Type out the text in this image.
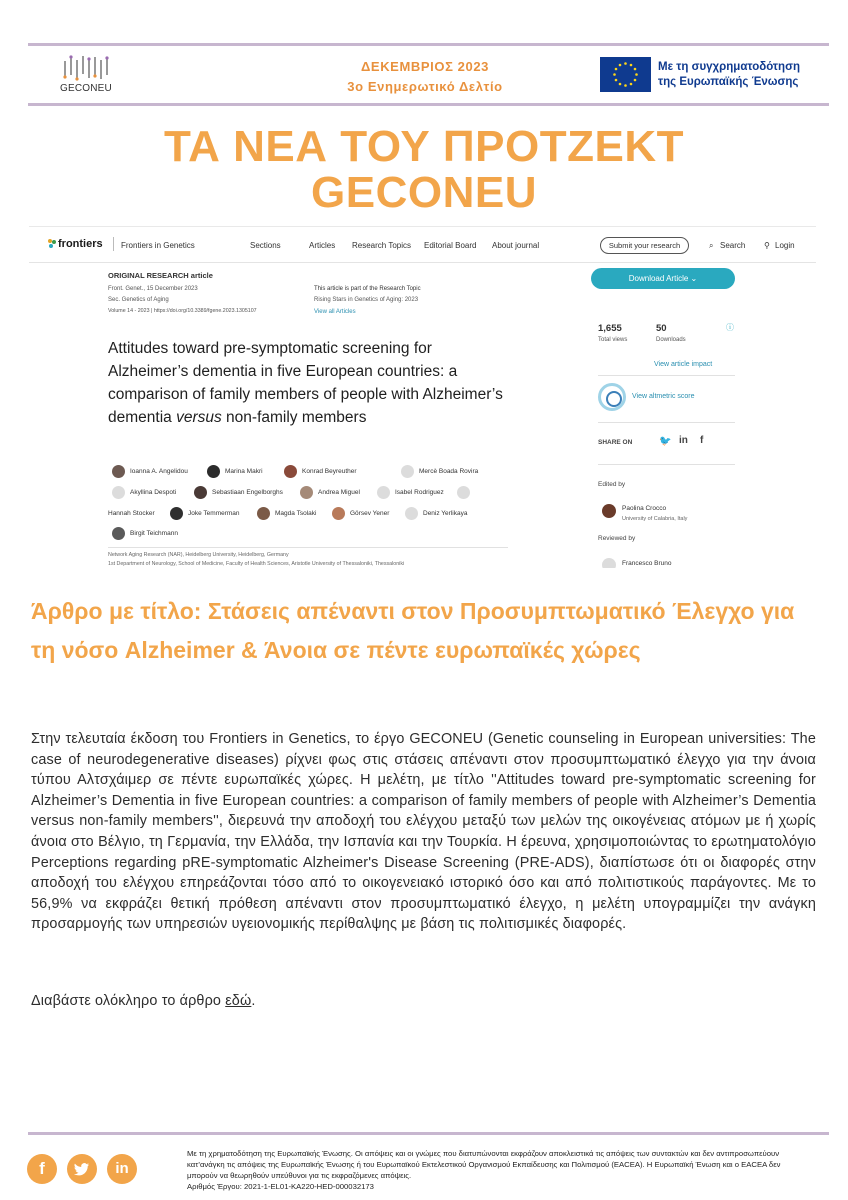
GECONEU
ΔΕΚΕΜΒΡΙΟΣ 2023
3ο Ενημερωτικό Δελτίο
Με τη συγχρηματοδότηση
της Ευρωπαϊκής Ένωσης
ΤΑ ΝΕΑ ΤΟΥ ΠΡΟΤΖΕΚΤ
GECONEU
frontiers Frontiers in Genetics	Sections	Articles Research Topics Editorial Board About journal	Submit your research	⌕ Search ⚲ Login
ORIGINAL RESEARCH article
Front. Genet., 15 December 2023
Sec. Genetics of Aging
Volume 14 - 2023 | https://doi.org/10.3389/fgene.2023.1305107
This article is part of the Research Topic
Rising Stars in Genetics of Aging: 2023
View all Articles
Attitudes toward pre-symptomatic screening for Alzheimer’s dementia in five European countries: a comparison of family members of people with Alzheimer’s dementia versus non-family members
Ioanna A. Angelidou	Marina Makri	Konrad Beyreuther	Mercè Boada Rovira
Akyllina Despoti	Sebastiaan Engelborghs	Andrea Miguel	Isabel Rodriguez
Hannah Stocker	Joke Temmerman	Magda Tsolaki	Görsev Yener	Deniz Yerlikaya
Birgit Teichmann
Network Aging Research (NAR), Heidelberg University, Heidelberg, Germany
1st Department of Neurology, School of Medicine, Faculty of Health Sciences, Aristotle University of Thessaloniki, Thessaloniki
Download Article ⌄
1,655
Total views
50
Downloads
ⓘ
View article impact
View altmetric score
SHARE ON	🐦 in f
Edited by
Paolina Crocco
University of Calabria, Italy
Reviewed by
Francesco Bruno
Άρθρο με τίτλο: Στάσεις απέναντι στον Προσυμπτωματικό Έλεγχο για τη νόσο Alzheimer & Άνοια σε πέντε ευρωπαϊκές χώρες
Στην τελευταία έκδοση του Frontiers in Genetics, το έργο GECONEU (Genetic counseling in European universities: The case of neurodegenerative diseases) ρίχνει φως στις στάσεις απέναντι στον προσυμπτωματικό έλεγχο για την άνοια τύπου Αλτσχάιμερ σε πέντε ευρωπαϊκές χώρες. Η μελέτη, με τίτλο ''Attitudes toward pre-symptomatic screening for Alzheimer’s Dementia in five European countries: a comparison of family members of people with Alzheimer’s Dementia versus non-family members'', διερευνά την αποδοχή του ελέγχου μεταξύ των μελών της οικογένειας ατόμων με ή χωρίς άνοια στο Βέλγιο, τη Γερμανία, την Ελλάδα, την Ισπανία και την Τουρκία. Η έρευνα, χρησιμοποιώντας το ερωτηματολόγιο Perceptions regarding pRE-symptomatic Alzheimer's Disease Screening (PRE-ADS), διαπίστωσε ότι οι διαφορές στην αποδοχή του ελέγχου επηρεάζονται τόσο από το οικογενειακό ιστορικό όσο και από πολιτιστικούς παράγοντες. Με το 56,9% να εκφράζει θετική πρόθεση απέναντι στον προσυμπτωματικό έλεγχο, η μελέτη υπογραμμίζει την ανάγκη προσαρμογής των υπηρεσιών υγειονομικής περίθαλψης με βάση τις πολιτισμικές διαφορές.
Διαβάστε ολόκληρο το άρθρο εδώ.
f	in
Με τη χρηματοδότηση της Ευρωπαϊκής Ένωσης. Οι απόψεις και οι γνώμες που διατυπώνονται εκφράζουν αποκλειστικά τις απόψεις των συντακτών και δεν αντιπροσωπεύουν κατ’ανάγκη τις απόψεις της Ευρωπαϊκής Ένωσης ή του Ευρωπαϊκού Εκτελεστικού Οργανισμού Εκπαίδευσης και Πολιτισμού (EACEA). Η Ευρωπαϊκή Ένωση και ο EACEA δεν μπορούν να θεωρηθούν υπεύθυνοι για τις εκφραζόμενες απόψεις.
Αριθμός Έργου: 2021-1-EL01-KA220-HED-000032173
